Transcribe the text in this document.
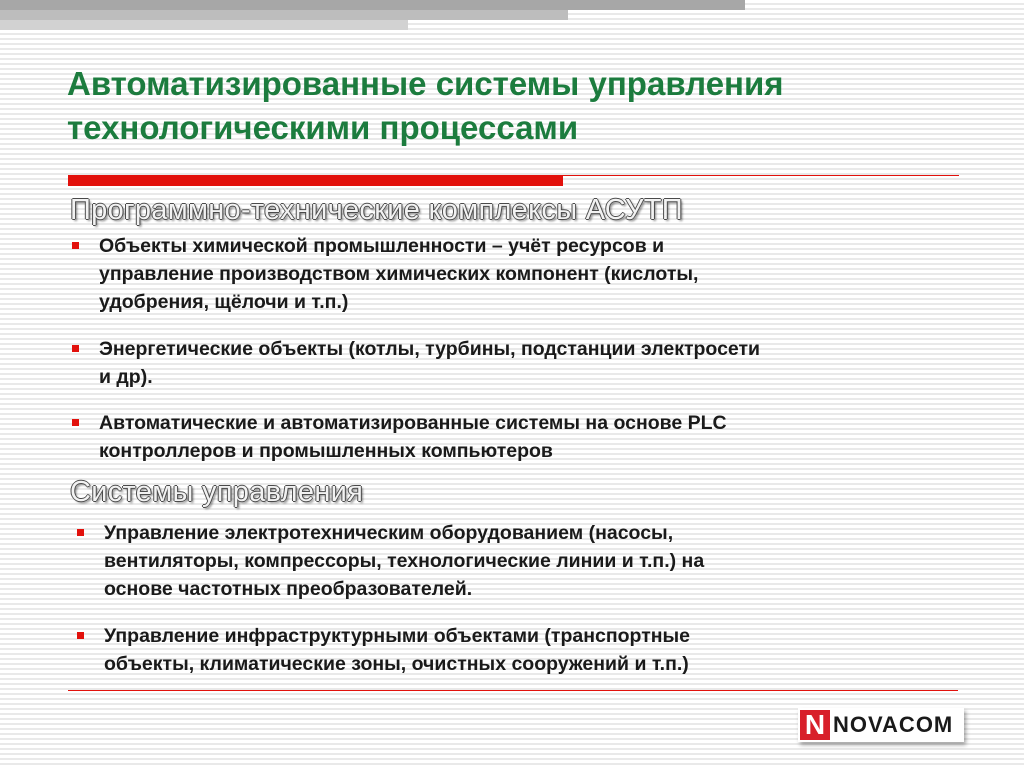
Автоматизированные системы управления
технологическими процессами
Программно-технические комплексы АСУТП
Объекты химической промышленности – учёт ресурсов и
управление производством химических компонент (кислоты,
удобрения, щёлочи и т.п.)
Энергетические объекты (котлы, турбины, подстанции электросети
и др).
Автоматические и автоматизированные системы на основе PLC
контроллеров и промышленных компьютеров
Системы управления
Управление электротехническим оборудованием (насосы,
вентиляторы, компрессоры, технологические линии и т.п.) на
основе частотных преобразователей.
Управление инфраструктурными объектами (транспортные
объекты, климатические зоны, очистных сооружений и т.п.)
N NOVACOM
